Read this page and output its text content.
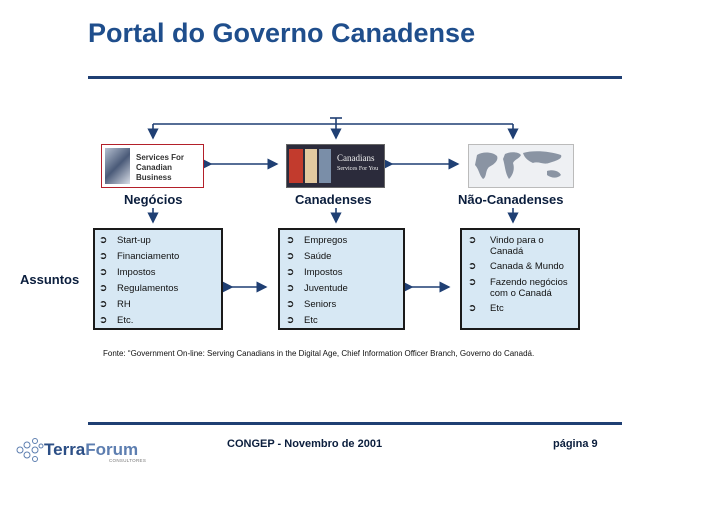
Portal do Governo Canadense
Services For Canadian Business
Canadians
Services For You
Negócios	Canadenses	Não-Canadenses
Assuntos
➲ Start-up
➲ Financiamento
➲ Impostos
➲ Regulamentos
➲ RH
➲ Etc.
➲ Empregos
➲ Saúde
➲ Impostos
➲ Juventude
➲ Seniors
➲ Etc
➲	Vindo para o Canadá
➲	Canada & Mundo
➲	Fazendo negócios com o Canadá
➲	Etc
Fonte: “Government On-line: Serving Canadians in the Digital Age, Chief Information Officer Branch, Governo do Canadá.
TerraForum
CONSULTORES
CONGEP - Novembro de 2001	página 9
